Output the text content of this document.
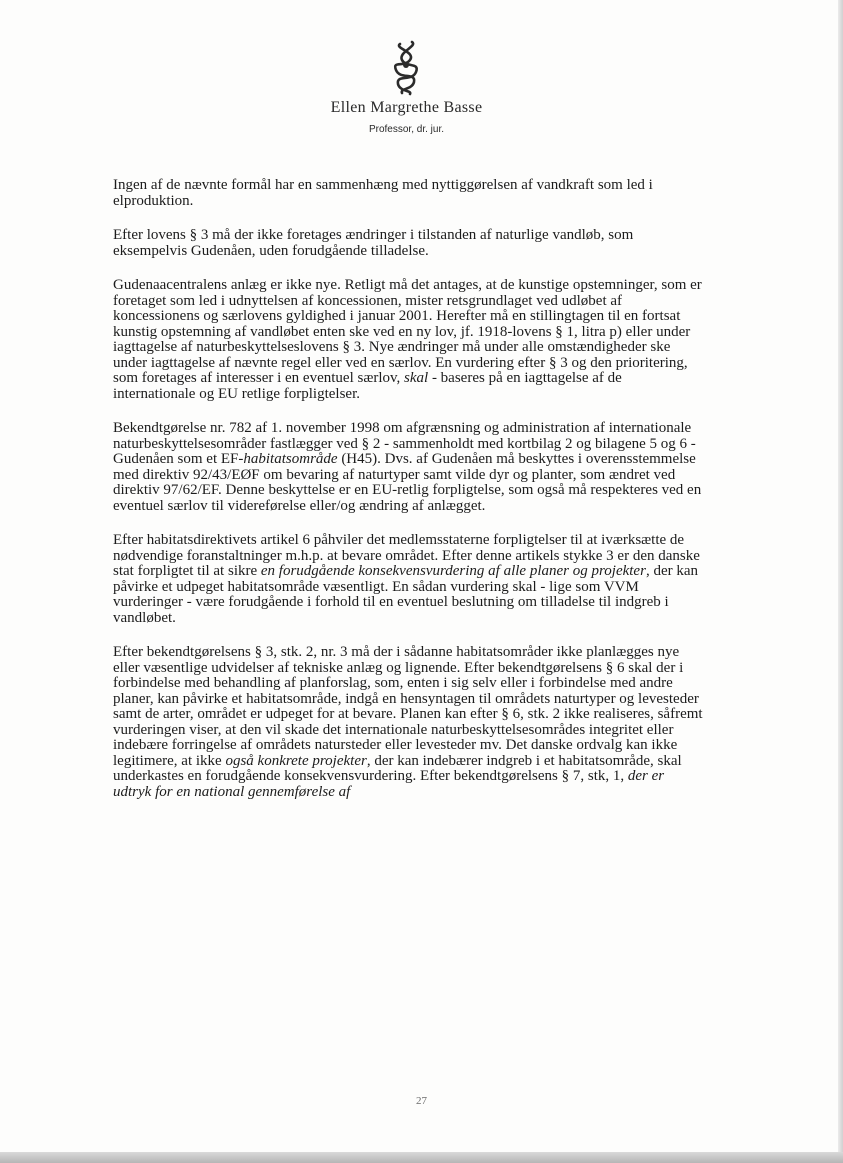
Ellen Margrethe Basse
Professor, dr. jur.

Ingen af de nævnte formål har en sammenhæng med nyttiggørelsen af vandkraft som led i elproduktion.

Efter lovens § 3 må der ikke foretages ændringer i tilstanden af naturlige vandløb, som eksempelvis Gudenåen, uden forudgående tilladelse.

Gudenaacentralens anlæg er ikke nye. Retligt må det antages, at de kunstige opstemninger, som er foretaget som led i udnyttelsen af koncessionen, mister retsgrundlaget ved udløbet af koncessionens og særlovens gyldighed i januar 2001. Herefter må en stillingtagen til en fortsat kunstig opstemning af vandløbet enten ske ved en ny lov, jf. 1918-lovens § 1, litra p) eller under iagttagelse af naturbeskyttelseslovens § 3. Nye ændringer må under alle omstændigheder ske under iagttagelse af nævnte regel eller ved en særlov. En vurdering efter § 3 og den prioritering, som foretages af interesser i en eventuel særlov, skal - baseres på en iagttagelse af de internationale og EU retlige forpligtelser.

Bekendtgørelse nr. 782 af 1. november 1998 om afgrænsning og administration af internationale naturbeskyttelsesområder fastlægger ved § 2 - sammenholdt med kortbilag 2 og bilagene 5 og 6 - Gudenåen som et EF-habitatsområde (H45). Dvs. af Gudenåen må beskyttes i overensstemmelse med direktiv 92/43/EØF om bevaring af naturtyper samt vilde dyr og planter, som ændret ved direktiv 97/62/EF. Denne beskyttelse er en EU-retlig forpligtelse, som også må respekteres ved en eventuel særlov til videreførelse eller/og ændring af anlægget.

Efter habitatsdirektivets artikel 6 påhviler det medlemsstaterne forpligtelser til at iværksætte de nødvendige foranstaltninger m.h.p. at bevare området. Efter denne artikels stykke 3 er den danske stat forpligtet til at sikre en forudgående konsekvensvurdering af alle planer og projekter, der kan påvirke et udpeget habitatsområde væsentligt. En sådan vurdering skal - lige som VVM vurderinger - være forudgående i forhold til en eventuel beslutning om tilladelse til indgreb i vandløbet.

Efter bekendtgørelsens § 3, stk. 2, nr. 3 må der i sådanne habitatsområder ikke planlægges nye eller væsentlige udvidelser af tekniske anlæg og lignende. Efter bekendtgørelsens § 6 skal der i forbindelse med behandling af planforslag, som, enten i sig selv eller i forbindelse med andre planer, kan påvirke et habitatsområde, indgå en hensyntagen til områdets naturtyper og levesteder samt de arter, området er udpeget for at bevare. Planen kan efter § 6, stk. 2 ikke realiseres, såfremt vurderingen viser, at den vil skade det internationale naturbeskyttelsesområdes integritet eller indebære forringelse af områdets natursteder eller levesteder mv. Det danske ordvalg kan ikke legitimere, at ikke også konkrete projekter, der kan indebærer indgreb i et habitatsområde, skal underkastes en forudgående konsekvensvurdering. Efter bekendtgørelsens § 7, stk, 1, der er udtryk for en national gennemførelse af

27
